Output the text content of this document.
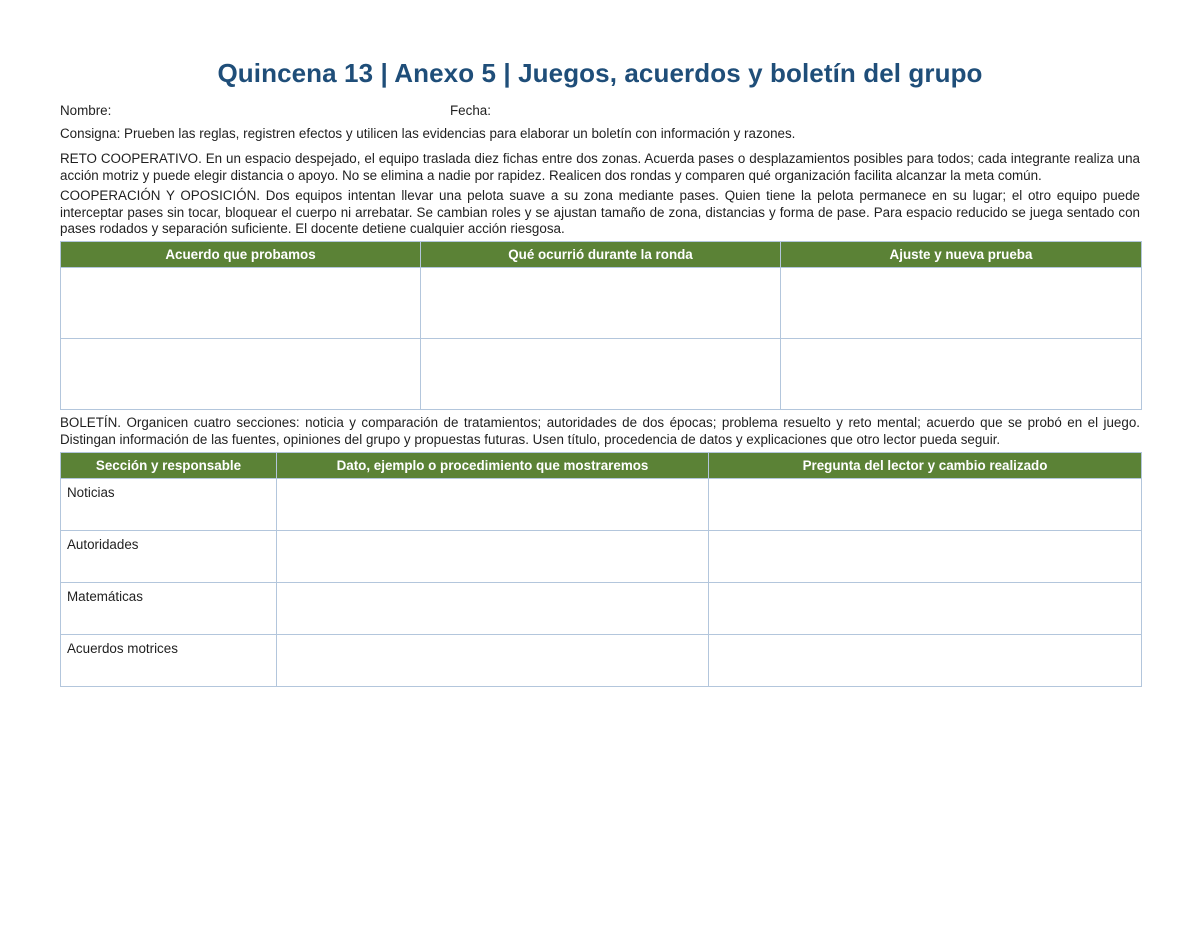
Quincena 13 | Anexo 5 | Juegos, acuerdos y boletín del grupo
Nombre:	Fecha:
Consigna: Prueben las reglas, registren efectos y utilicen las evidencias para elaborar un boletín con información y razones.
RETO COOPERATIVO. En un espacio despejado, el equipo traslada diez fichas entre dos zonas. Acuerda pases o desplazamientos posibles para todos; cada integrante realiza una acción motriz y puede elegir distancia o apoyo. No se elimina a nadie por rapidez. Realicen dos rondas y comparen qué organización facilita alcanzar la meta común.
COOPERACIÓN Y OPOSICIÓN. Dos equipos intentan llevar una pelota suave a su zona mediante pases. Quien tiene la pelota permanece en su lugar; el otro equipo puede interceptar pases sin tocar, bloquear el cuerpo ni arrebatar. Se cambian roles y se ajustan tamaño de zona, distancias y forma de pase. Para espacio reducido se juega sentado con pases rodados y separación suficiente. El docente detiene cualquier acción riesgosa.
Acuerdo que probamos	Qué ocurrió durante la ronda	Ajuste y nueva prueba

BOLETÍN. Organicen cuatro secciones: noticia y comparación de tratamientos; autoridades de dos épocas; problema resuelto y reto mental; acuerdo que se probó en el juego. Distingan información de las fuentes, opiniones del grupo y propuestas futuras. Usen título, procedencia de datos y explicaciones que otro lector pueda seguir.
Sección y responsable	Dato, ejemplo o procedimiento que mostraremos	Pregunta del lector y cambio realizado
Noticias		
Autoridades		
Matemáticas		
Acuerdos motrices		
